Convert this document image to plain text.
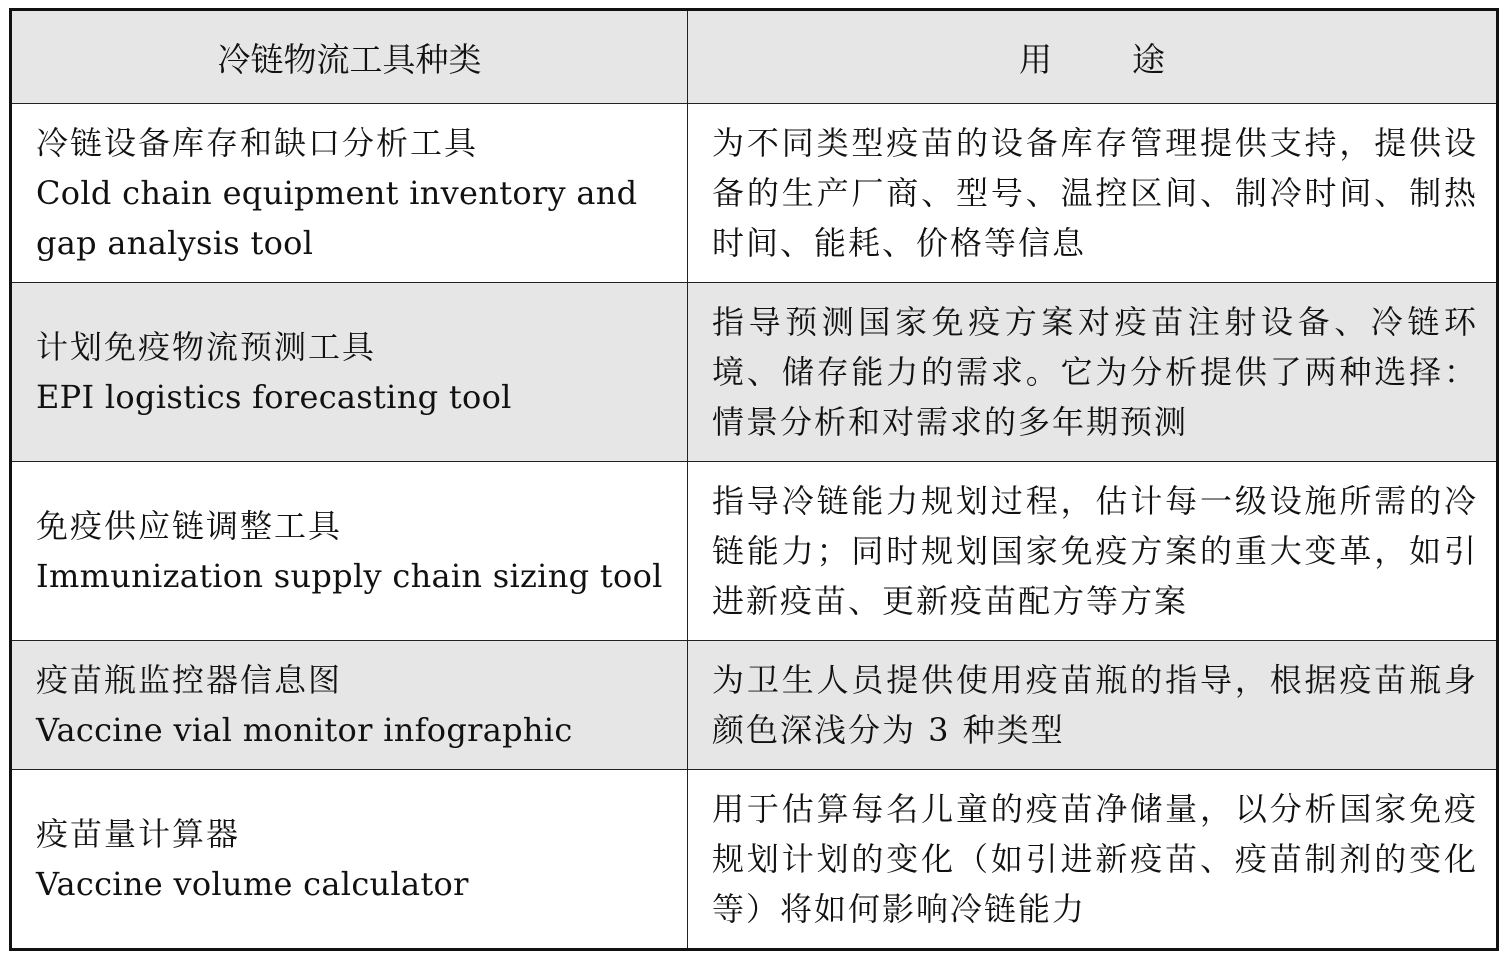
冷链物流工具种类	用 途

冷链设备库存和缺口分析工具
Cold chain equipment inventory and gap analysis tool	为不同类型疫苗的设备库存管理提供支持，提供设备的生产厂商、型号、温控区间、制冷时间、制热时间、能耗、价格等信息

计划免疫物流预测工具
EPI logistics forecasting tool	指导预测国家免疫方案对疫苗注射设备、冷链环境、储存能力的需求。它为分析提供了两种选择：情景分析和对需求的多年期预测

免疫供应链调整工具
Immunization supply chain sizing tool	指导冷链能力规划过程，估计每一级设施所需的冷链能力；同时规划国家免疫方案的重大变革，如引进新疫苗、更新疫苗配方等方案

疫苗瓶监控器信息图
Vaccine vial monitor infographic	为卫生人员提供使用疫苗瓶的指导，根据疫苗瓶身颜色深浅分为 3 种类型

疫苗量计算器
Vaccine volume calculator	用于估算每名儿童的疫苗净储量，以分析国家免疫规划计划的变化（如引进新疫苗、疫苗制剂的变化等）将如何影响冷链能力
